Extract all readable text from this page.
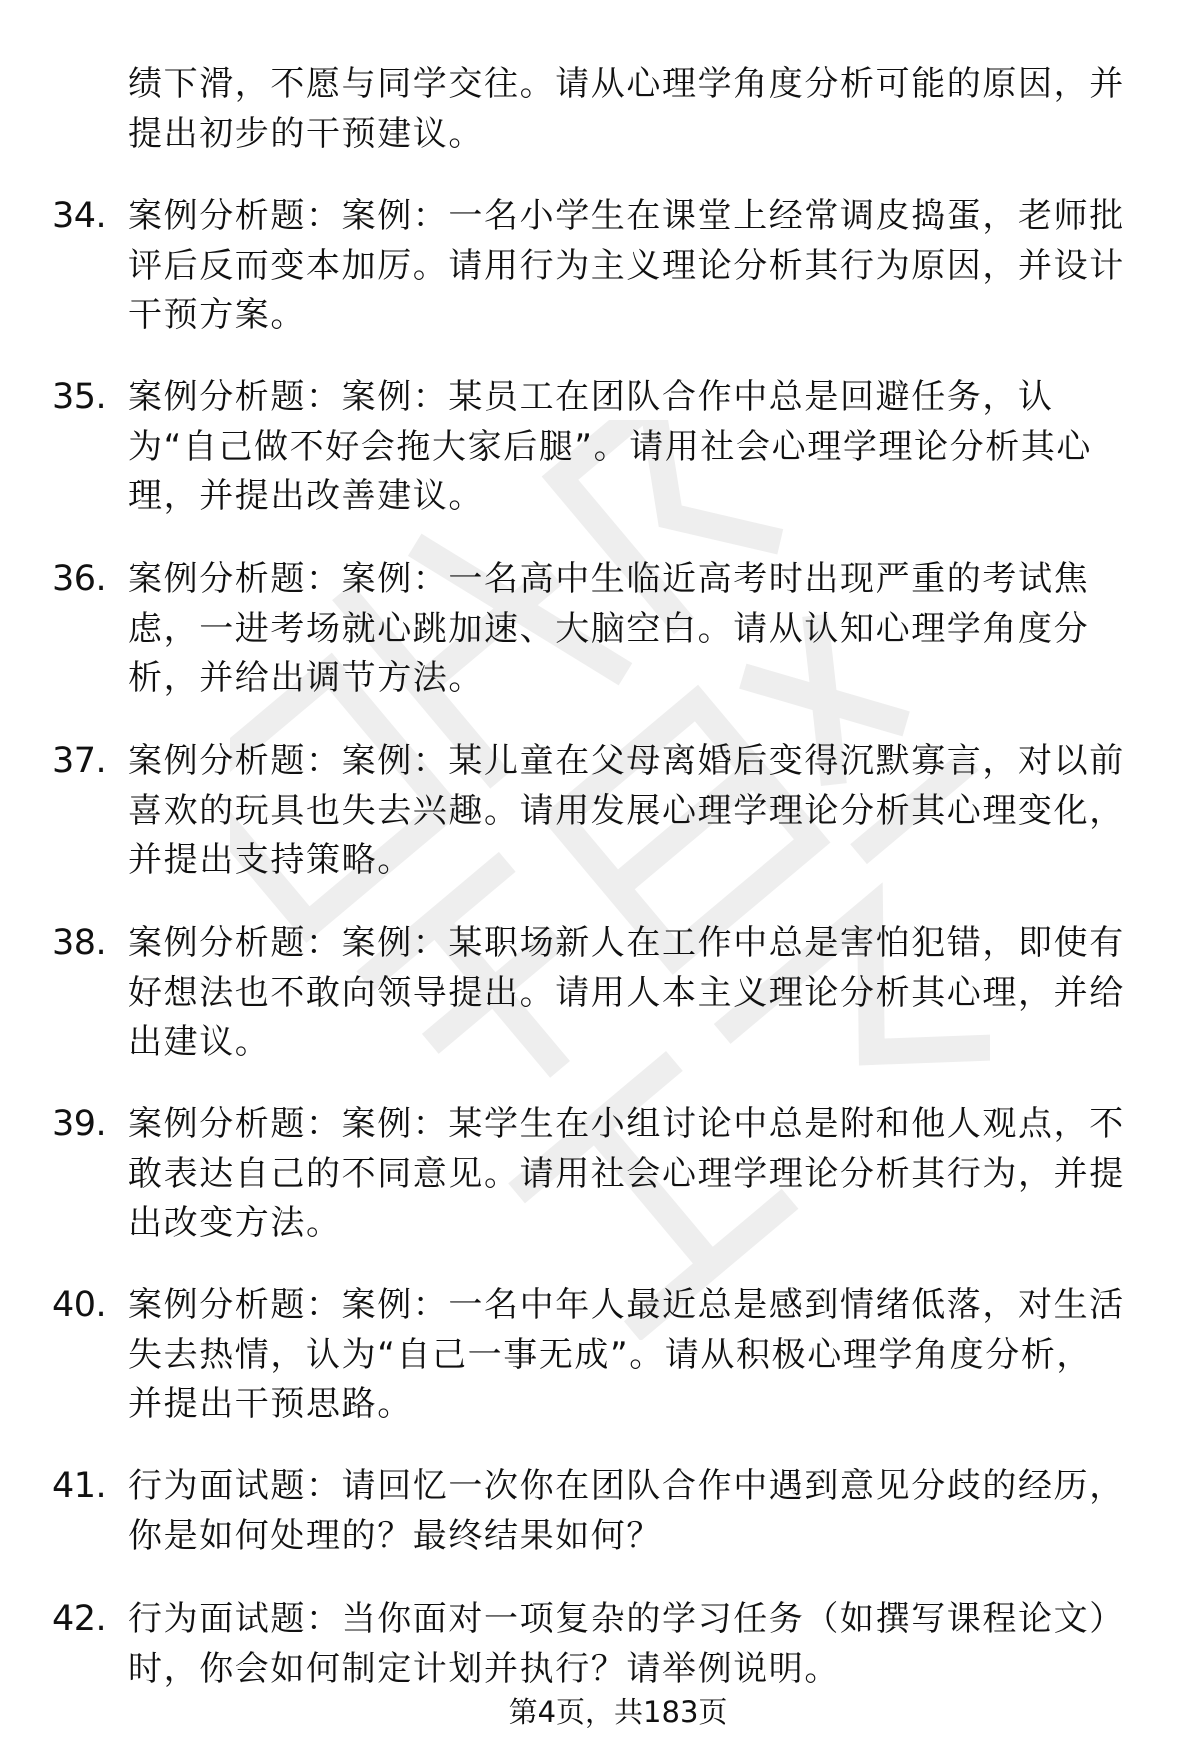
绩下滑，不愿与同学交往。请从心理学角度分析可能的原因，并
提出初步的干预建议。
34. 案例分析题：案例：一名小学生在课堂上经常调皮捣蛋，老师批
评后反而变本加厉。请用行为主义理论分析其行为原因，并设计
干预方案。
35. 案例分析题：案例：某员工在团队合作中总是回避任务，认
为“自己做不好会拖大家后腿”。请用社会心理学理论分析其心
理，并提出改善建议。
36. 案例分析题：案例：一名高中生临近高考时出现严重的考试焦
虑，一进考场就心跳加速、大脑空白。请从认知心理学角度分
析，并给出调节方法。
37. 案例分析题：案例：某儿童在父母离婚后变得沉默寡言，对以前
喜欢的玩具也失去兴趣。请用发展心理学理论分析其心理变化，
并提出支持策略。
38. 案例分析题：案例：某职场新人在工作中总是害怕犯错，即使有
好想法也不敢向领导提出。请用人本主义理论分析其心理，并给
出建议。
39. 案例分析题：案例：某学生在小组讨论中总是附和他人观点，不
敢表达自己的不同意见。请用社会心理学理论分析其行为，并提
出改变方法。
40. 案例分析题：案例：一名中年人最近总是感到情绪低落，对生活
失去热情，认为“自己一事无成”。请从积极心理学角度分析，
并提出干预思路。
41. 行为面试题：请回忆一次你在团队合作中遇到意见分歧的经历，
你是如何处理的？最终结果如何？
42. 行为面试题：当你面对一项复杂的学习任务（如撰写课程论文）
时，你会如何制定计划并执行？请举例说明。
第4页，共183页
